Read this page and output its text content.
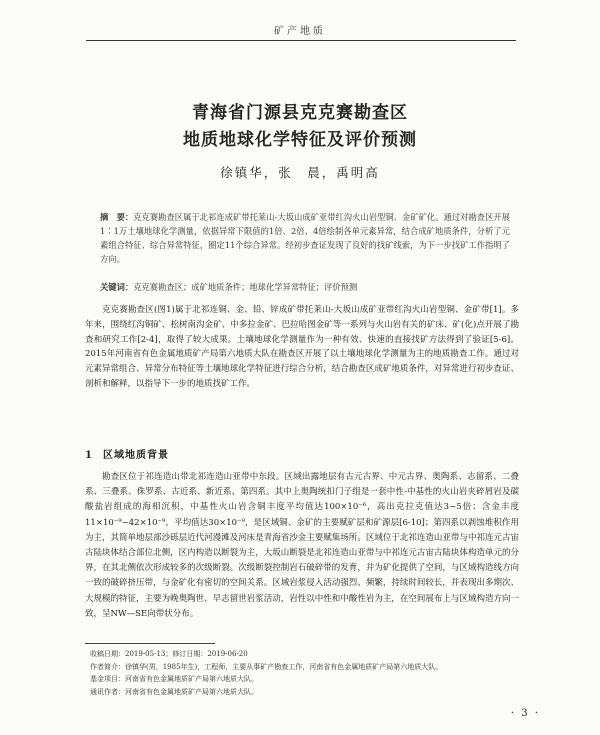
矿产地质
青海省门源县克克赛勘查区
地质地球化学特征及评价预测
徐镇华，张　晨，禹明高
摘　要：克克赛勘查区属于北祁连成矿带托莱山-大坂山成矿亚带红沟火山岩型铜、金矿矿化。通过对勘查区开展1∶1万土壤地球化学测量，依据异常下限值的1倍、2倍、4倍绘制各单元素异常，结合成矿地质条件，分析了元素组合特征、综合异常特征，圈定11个综合异常。经初步查证发现了良好的找矿线索，为下一步找矿工作指明了方向。
关键词：克克赛勘查区；成矿地质条件；地球化学异常特征；评价预测
克克赛勘查区(图1)属于北祁连铜、金、铅、锌成矿带托莱山-大坂山成矿亚带红沟火山岩型铜、金矿带[1]。多年来，围绕红沟铜矿、松树南沟金矿、中多拉金矿、巴拉哈图金矿等一系列与火山岩有关的矿床、矿(化)点开展了勘查和研究工作[2-4]，取得了较大成果。土壤地球化学测量作为一种有效、快速的直接找矿方法得到了验证[5-6]。2015年河南省有色金属地质矿产局第六地质大队在勘查区开展了以土壤地球化学测量为主的地质勘查工作。通过对元素异常组合、异常分布特征等土壤地球化学特征进行综合分析，结合勘查区成矿地质条件，对异常进行初步查证、剖析和解释，以指导下一步的地质找矿工作。
1 区域地质背景
勘查区位于祁连造山带北祁连造山亚带中东段。区域出露地层有古元古界、中元古界、奥陶系、志留系、二叠系、三叠系、侏罗系、古近系、新近系、第四系。其中上奥陶统扣门子组是一套中性-中基性的火山岩夹碎屑岩及碳酸盐岩组成的海相沉积，中基性火山岩含铜丰度平均值达100×10⁻⁶，高出克拉克值达3~5倍；含金丰度11×10⁻⁹~42×10⁻⁹，平均值达30×10⁻⁹，是区域铜、金矿的主要赋矿层和矿源层[6-10]；第四系以剥蚀堆积作用为主，其简单地层部沙砾层近代河漫滩及河床是青海省沙金主要赋集场所。区域位于北祁连造山亚带与中祁连元古宙古陆块体结合部位北侧，区内构造以断裂为主，大坂山断裂是北祁连造山亚带与中祁连元古宙古陆块体构造单元的分界，在其北侧依次形成较多的次级断裂。次级断裂控制岩石破碎带的发育，并为矿化提供了空间，与区域构造线方向一致的破碎挤压带，与金矿化有密切的空间关系。区域岩浆侵入活动强烈、频繁，持续时间较长，并表现出多期次、大规模的特征，主要为晚奥陶世、早志留世岩浆活动，岩性以中性和中酸性岩为主，在空间展布上与区域构造方向一致，呈NW—SE向带状分布。
收稿日期：2019-05-13；修订日期：2019-06-20
作者简介：徐镇华(男，1985年生)，工程师，主要从事矿产勘查工作，河南省有色金属地质矿产局第六地质大队。
基金项目：河南省有色金属地质矿产局第六地质大队。
通讯作者：河南省有色金属地质矿产局第六地质大队。
· 3 ·
